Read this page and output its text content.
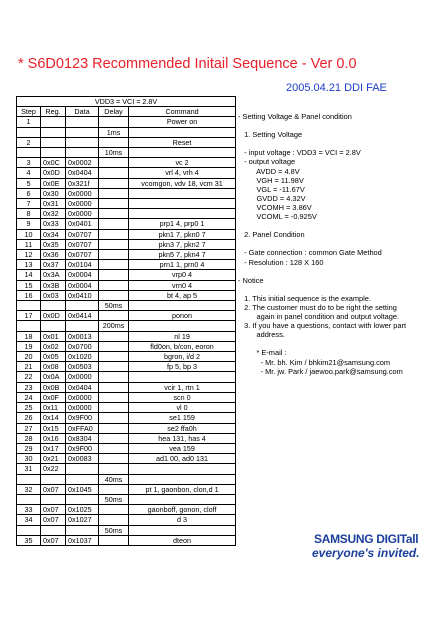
* S6D0123 Recommended Initail Sequence - Ver 0.0
2005.04.21 DDI FAE
VDD3 = VCI = 2.8V				
Step	Reg.	Data	Delay	Command
1				Power on
			1ms	
2				Reset
			10ms	
3	0x0C	0x0002		vc 2
4	0x0D	0x0404		vrl 4, vrh 4
5	0x0E	0x321f		vcomgon, vdv 18, vcm 31
6	0x30	0x0000		
7	0x31	0x0000		
8	0x32	0x0000		
9	0x33	0x0401		prp1 4, prp0 1
10	0x34	0x0707		pkn1 7, pkn0 7
11	0x35	0x0707		pkn3 7, pkn2 7
12	0x36	0x0707		pkn5 7, pkn4 7
13	0x37	0x0104		prn1 1, prn0 4
14	0x3A	0x0004		vrp0 4
15	0x3B	0x0004		vrn0 4
16	0x03	0x0410		bt 4, ap 5
			50ms	
17	0x0D	0x0414		ponon
			200ms	
18	0x01	0x0013		nl 19
19	0x02	0x0700		fld0on, b/con, eoron
20	0x05	0x1020		bgron, i/d 2
21	0x08	0x0503		fp 5, bp 3
22	0x0A	0x0000		
23	0x0B	0x0404		vcir 1, rtn 1
24	0x0F	0x0000		scn 0
25	0x11	0x0000		vl 0
26	0x14	0x9F00		se1 159
27	0x15	0xFFA0		se2 ffa0h
28	0x16	0x8304		hea 131, has 4
29	0x17	0x9F00		vea 159
30	0x21	0x0083		ad1 00, ad0 131
31	0x22			
			40ms	
32	0x07	0x1045		pt 1, gaonbon, clon,d 1
			50ms	
33	0x07	0x1025		gaonboff, gonon, cloff
34	0x07	0x1027		d 3
			50ms	
35	0x07	0x1037		dteon
- Setting Voltage & Panel condition

1. Setting Voltage

- input voltage : VDD3 = VCI = 2.8V
- output voltage
AVDD = 4.8V
VGH = 11.98V
VGL = -11.67V
GVDD = 4.32V
VCOMH = 3.86V
VCOML = -0.925V

2. Panel Condition

- Gate connection : common Gate Method
- Resolution : 128 X 160

- Notice

1. This initial sequence is the example.
2. The customer must do to be right the setting
again in panel condition and output voltage.
3. If you have a questions, contact with lower part
address.

* E-mail :
- Mr. bh. Kim / bhkim21@samsung.com
- Mr. jw. Park / jaewoo.park@samsung.com
SAMSUNG DIGITall
everyone's invited.
